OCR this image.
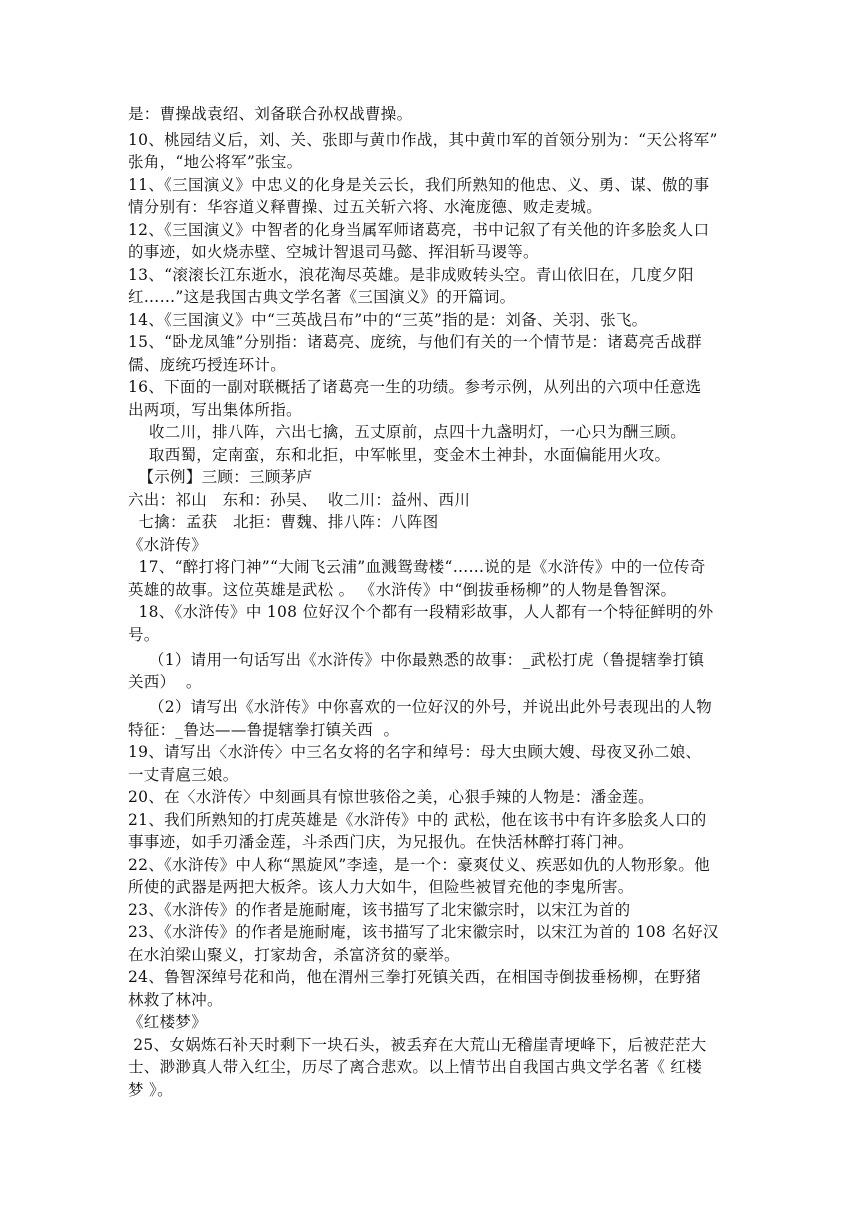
是：曹操战袁绍、刘备联合孙权战曹操。
10、桃园结义后，刘、关、张即与黄巾作战，其中黄巾军的首领分别为：“天公将军”
张角，“地公将军”张宝。
11、《三国演义》中忠义的化身是关云长，我们所熟知的他忠、义、勇、谋、傲的事
情分别有：华容道义释曹操、过五关斩六将、水淹庞德、败走麦城。
12、《三国演义》中智者的化身当属军师诸葛亮，书中记叙了有关他的许多脍炙人口
的事迹，如火烧赤壁、空城计智退司马懿、挥泪斩马谡等。
13、“滚滚长江东逝水，浪花淘尽英雄。是非成败转头空。青山依旧在，几度夕阳
红……”这是我国古典文学名著《三国演义》的开篇词。
14、《三国演义》中“三英战吕布”中的“三英”指的是：刘备、关羽、张飞。
15、“卧龙凤雏”分别指：诸葛亮、庞统，与他们有关的一个情节是：诸葛亮舌战群
儒、庞统巧授连环计。
16、下面的一副对联概括了诸葛亮一生的功绩。参考示例，从列出的六项中任意选
出两项，写出集体所指。
收二川，排八阵，六出七擒，五丈原前，点四十九盏明灯，一心只为酬三顾。
取西蜀，定南蛮，东和北拒，中军帐里，变金木土神卦，水面偏能用火攻。
【示例】三顾：三顾茅庐
六出：祁山   东和：孙吴、  收二川：益州、西川
七擒：孟获   北拒：曹魏、排八阵：八阵图
《水浒传》
17、“醉打将门神”“大闹飞云浦”血溅鸳鸯楼“……说的是《水浒传》中的一位传奇
英雄的故事。这位英雄是武松 。 《水浒传》中“倒拔垂杨柳”的人物是鲁智深。
18、《水浒传》中 108 位好汉个个都有一段精彩故事，人人都有一个特征鲜明的外
号。
（1）请用一句话写出《水浒传》中你最熟悉的故事：_武松打虎（鲁提辖拳打镇
关西）  。
（2）请写出《水浒传》中你喜欢的一位好汉的外号，并说出此外号表现出的人物
特征：_鲁达——鲁提辖拳打镇关西  。
19、请写出〈水浒传〉中三名女将的名字和绰号：母大虫顾大嫂、母夜叉孙二娘、
一丈青扈三娘。
20、在〈水浒传〉中刻画具有惊世骇俗之美，心狠手辣的人物是：潘金莲。
21、我们所熟知的打虎英雄是《水浒传》中的 武松，他在该书中有许多脍炙人口的
事事迹，如手刃潘金莲，斗杀西门庆，为兄报仇。在快活林醉打蒋门神。
22、《水浒传》中人称“黑旋风”李逵，是一个：豪爽仗义、疾恶如仇的人物形象。他
所使的武器是两把大板斧。该人力大如牛，但险些被冒充他的李鬼所害。
23、《水浒传》的作者是施耐庵，该书描写了北宋徽宗时，以宋江为首的
23、《水浒传》的作者是施耐庵，该书描写了北宋徽宗时，以宋江为首的 108 名好汉
在水泊梁山聚义，打家劫舍，杀富济贫的豪举。
24、鲁智深绰号花和尚，他在渭州三拳打死镇关西，在相国寺倒拔垂杨柳，在野猪
林救了林冲。
《红楼梦》
25、女娲炼石补天时剩下一块石头，被丢弃在大荒山无稽崖青埂峰下，后被茫茫大
士、渺渺真人带入红尘，历尽了离合悲欢。以上情节出自我国古典文学名著《 红楼
梦 》。
